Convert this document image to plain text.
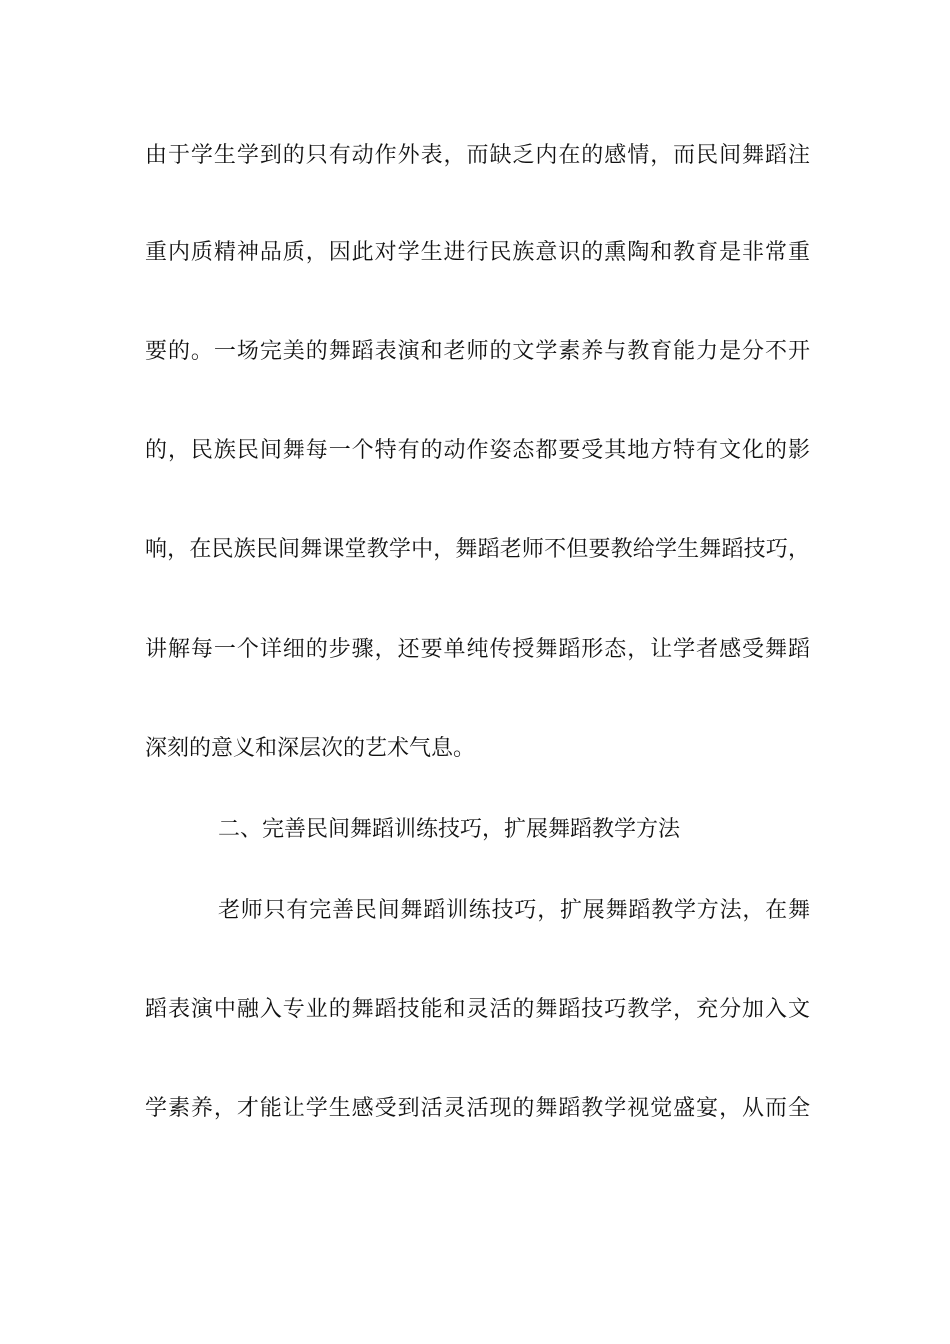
由于学生学到的只有动作外表，而缺乏内在的感情，而民间舞蹈注
重内质精神品质，因此对学生进行民族意识的熏陶和教育是非常重
要的。一场完美的舞蹈表演和老师的文学素养与教育能力是分不开
的，民族民间舞每一个特有的动作姿态都要受其地方特有文化的影
响，在民族民间舞课堂教学中，舞蹈老师不但要教给学生舞蹈技巧，
讲解每一个详细的步骤，还要单纯传授舞蹈形态，让学者感受舞蹈
深刻的意义和深层次的艺术气息。
二、完善民间舞蹈训练技巧，扩展舞蹈教学方法
老师只有完善民间舞蹈训练技巧，扩展舞蹈教学方法，在舞
蹈表演中融入专业的舞蹈技能和灵活的舞蹈技巧教学，充分加入文
学素养，才能让学生感受到活灵活现的舞蹈教学视觉盛宴，从而全
